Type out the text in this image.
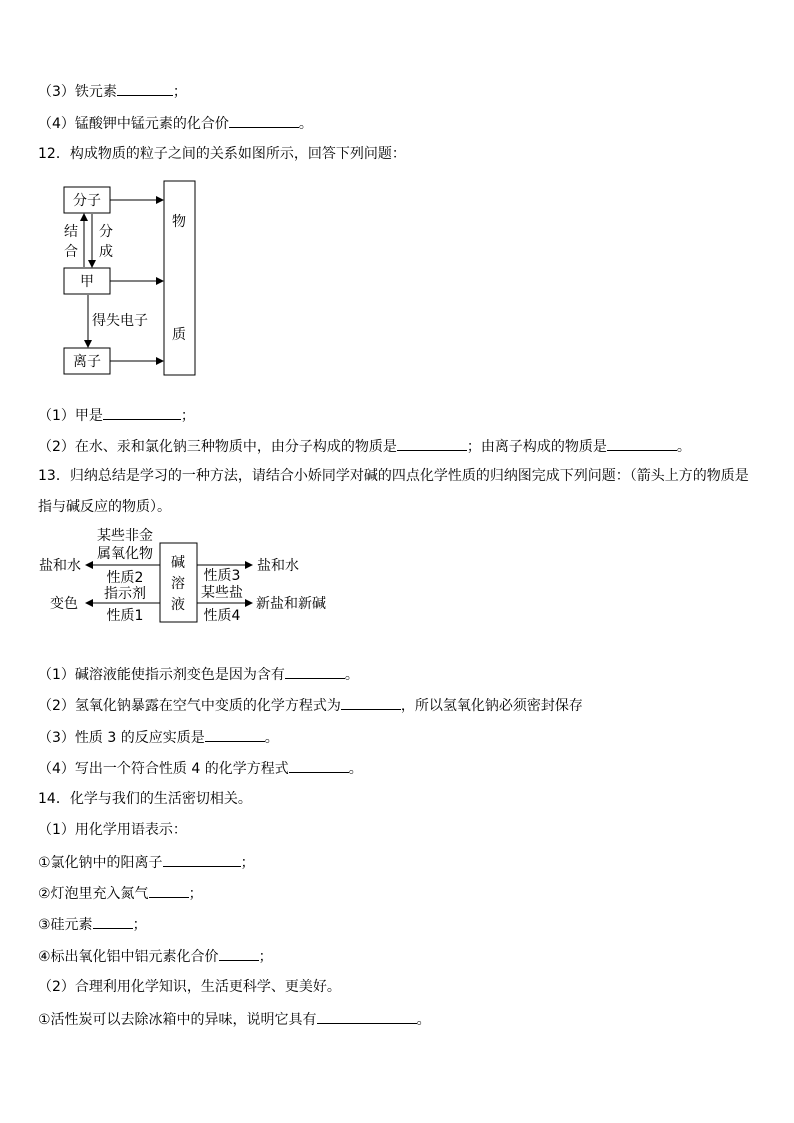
（3）铁元素	；
（4）锰酸钾中锰元素的化合价	。
12．构成物质的粒子之间的关系如图所示，回答下列问题：
分子
甲
离子
物
质
结
合
分
成
得失电子
（1）甲是	；
（2）在水、汞和氯化钠三种物质中，由分子构成的物质是	；由离子构成的物质是	。
13．归纳总结是学习的一种方法，请结合小娇同学对碱的四点化学性质的归纳图完成下列问题：（箭头上方的物质是指与碱反应的物质）。
碱
溶
液
某些非金
属氧化物
性质2
盐和水
指示剂
性质1
变色
性质3
某些盐
性质4
盐和水
新盐和新碱
（1）碱溶液能使指示剂变色是因为含有	。
（2）氢氧化钠暴露在空气中变质的化学方程式为	，所以氢氧化钠必须密封保存
（3）性质 3 的反应实质是	。
（4）写出一个符合性质 4 的化学方程式	。
14．化学与我们的生活密切相关。
（1）用化学用语表示：
①氯化钠中的阳离子	；
②灯泡里充入氮气	；
③硅元素	；
④标出氧化铝中铝元素化合价	；
（2）合理利用化学知识，生活更科学、更美好。
①活性炭可以去除冰箱中的异味，说明它具有	。
